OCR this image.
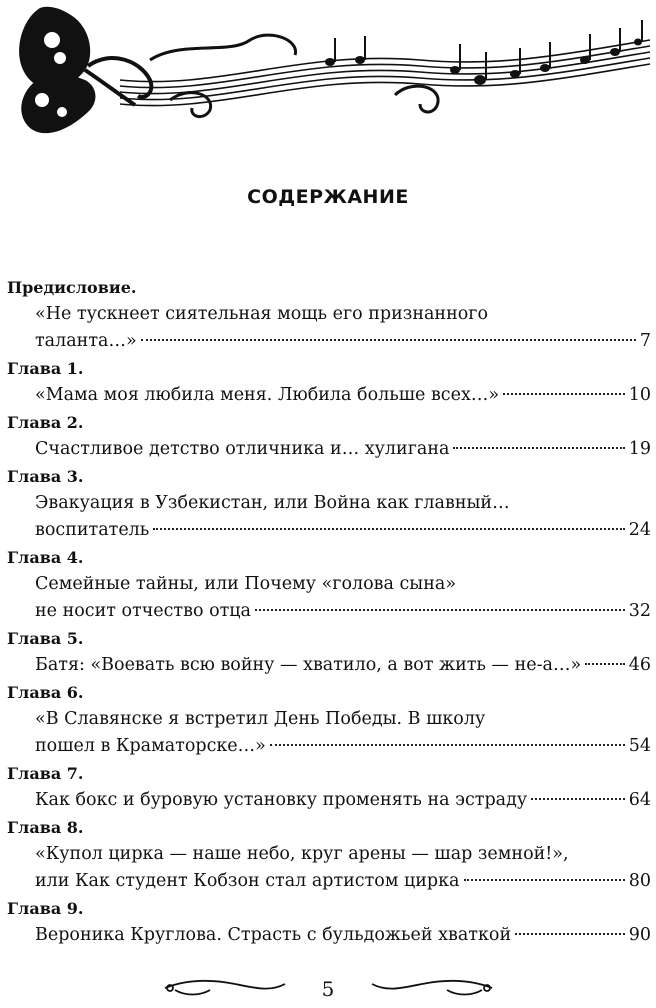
СОДЕРЖАНИЕ
Предисловие.
«Не тускнеет сиятельная мощь его признанного
таланта…»	7
Глава 1.
«Мама моя любила меня. Любила больше всех…»	10
Глава 2.
Счастливое детство отличника и… хулигана	19
Глава 3.
Эвакуация в Узбекистан, или Война как главный…
воспитатель	24
Глава 4.
Семейные тайны, или Почему «голова сына»
не носит отчество отца	32
Глава 5.
Батя: «Воевать всю войну — хватило, а вот жить — не-а…»	46
Глава 6.
«В Славянске я встретил День Победы. В школу
пошел в Краматорске…»	54
Глава 7.
Как бокс и буровую установку променять на эстраду	64
Глава 8.
«Купол цирка — наше небо, круг арены — шар земной!»,
или Как студент Кобзон стал артистом цирка	80
Глава 9.
Вероника Круглова. Страсть с бульдожьей хваткой	90
5
